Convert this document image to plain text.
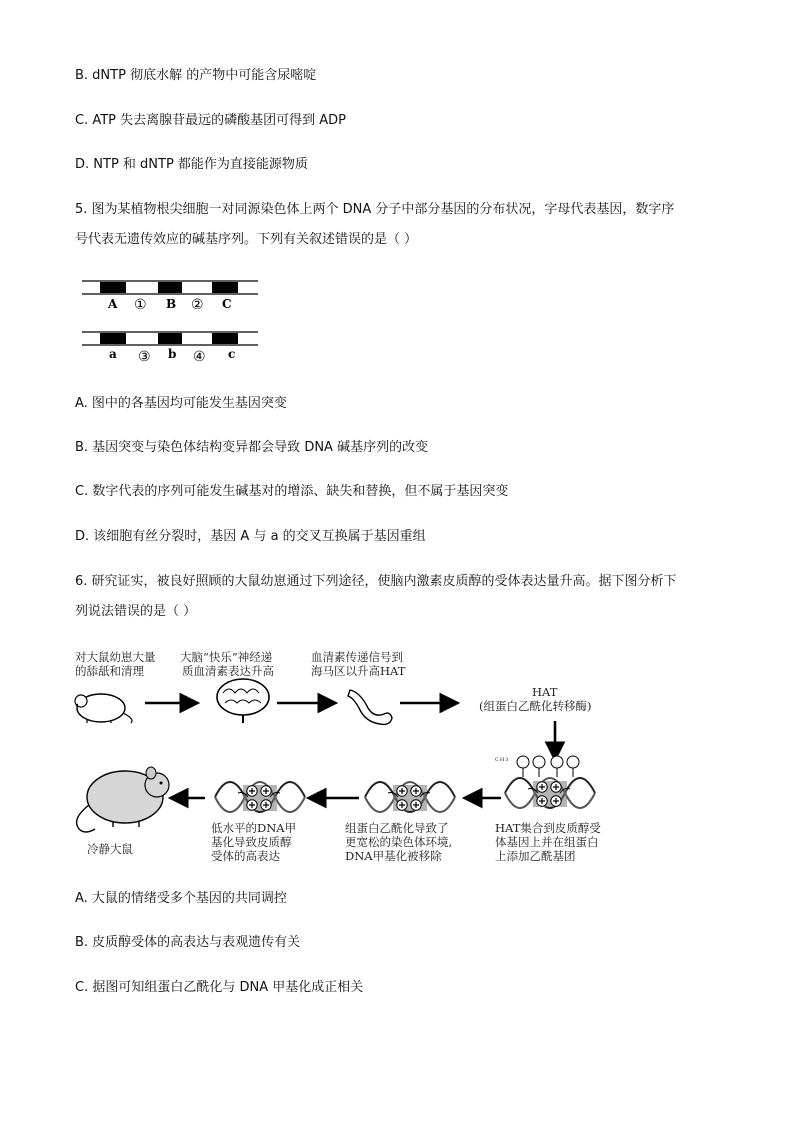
B. dNTP 彻底水解 的产物中可能含尿嘧啶
C. ATP 失去离腺苷最远的磷酸基团可得到 ADP
D. NTP 和 dNTP 都能作为直接能源物质
5. 图为某植物根尖细胞一对同源染色体上两个 DNA 分子中部分基因的分布状况，字母代表基因，数字序
号代表无遗传效应的碱基序列。下列有关叙述错误的是（ ）
A ① B ② C
a ③ b ④ c
A. 图中的各基因均可能发生基因突变
B. 基因突变与染色体结构变异都会导致 DNA 碱基序列的改变
C. 数字代表的序列可能发生碱基对的增添、缺失和替换，但不属于基因突变
D. 该细胞有丝分裂时，基因 A 与 a 的交叉互换属于基因重组
6. 研究证实，被良好照顾的大鼠幼崽通过下列途径，使脑内激素皮质醇的受体表达量升高。据下图分析下
列说法错误的是（ ）
对大鼠幼崽大量
的舔舐和清理
大脑“快乐”神经递
质血清素表达升高
血清素传递信号到
海马区以升高HAT
HAT
(组蛋白乙酰化转移酶)
CH3
冷静大鼠
低水平的DNA甲
基化导致皮质醇
受体的高表达
组蛋白乙酰化导致了
更宽松的染色体环境,
DNA甲基化被移除
HAT集合到皮质醇受
体基因上并在组蛋白
上添加乙酰基团
A. 大鼠的情绪受多个基因的共同调控
B. 皮质醇受体的高表达与表观遗传有关
C. 据图可知组蛋白乙酰化与 DNA 甲基化成正相关
